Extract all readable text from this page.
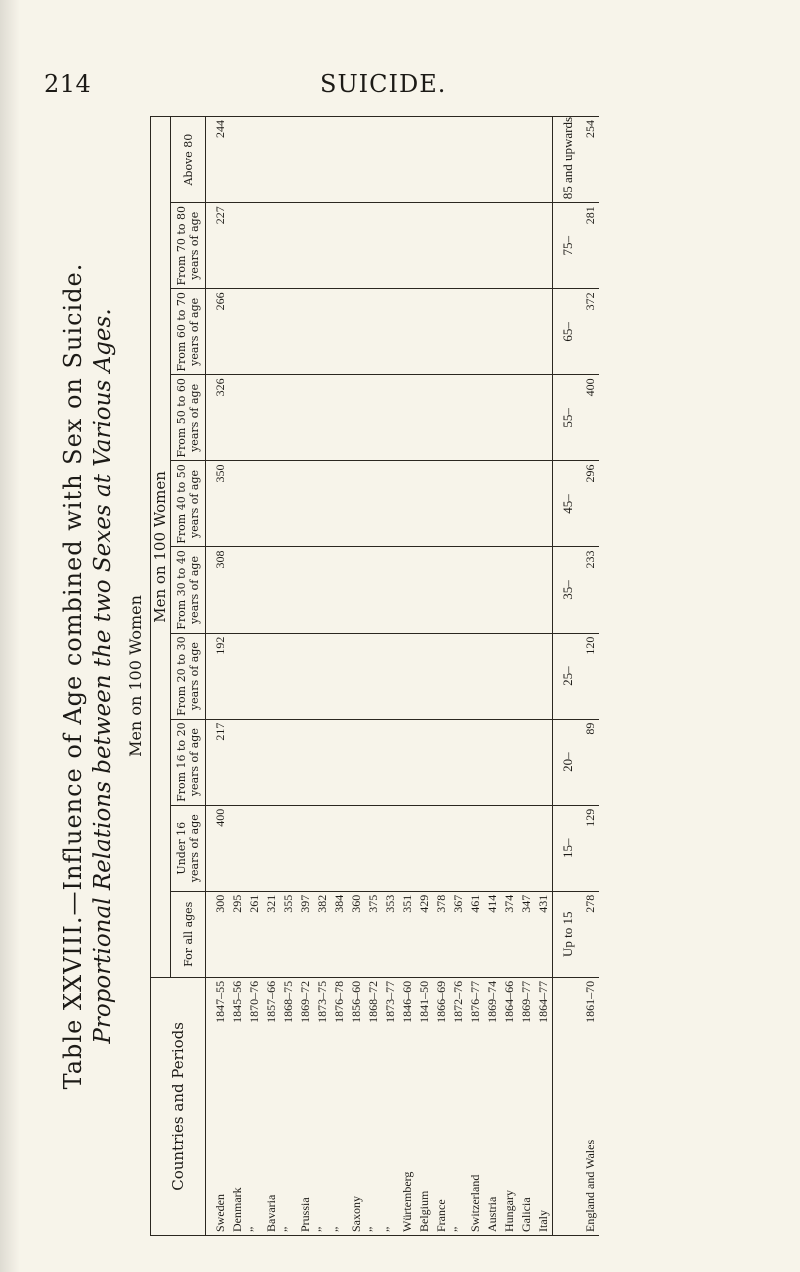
214	SUICIDE.
Table XXVIII.—Influence of Age combined with Sex on Suicide. Proportional Relations between the two Sexes at Various Ages. Men on 100 Women
Countries and Periods	Men on 100 Women									
	For all ages	Under 16 years of age	From 16 to 20 years of age	From 20 to 30 years of age	From 30 to 40 years of age	From 40 to 50 years of age	From 50 to 60 years of age	From 60 to 70 years of age	From 70 to 80 years of age	Above 80
Sweden
1847–55	300	400	217	192	308	350	326	266	227	244
Denmark
1845–56	295									
”
1870–76	261									
Bavaria
1857–66	321									
”
1868–75	355									
Prussia
1869–72	397									
”
1873–75	382									
”
1876–78	384									
Saxony
1856–60	360									
”
1868–72	375									
”
1873–77	353									
Würtemberg
1846–60	351									
Belgium
1841–50	429									
France
1866–69	378									
”
1872–76	367									
Switzerland
1876–77	461									
Austria
1869–74	414									
Hungary
1864–66	374									
Galicia
1869–77	347									
Italy
1864–77	431									
	Up to 15	15–	20–	25–	35–	45–	55–	65–	75–	85 and upwards
England and Wales
1861–70	278	129	89	120	233	296	400	372	281	254
